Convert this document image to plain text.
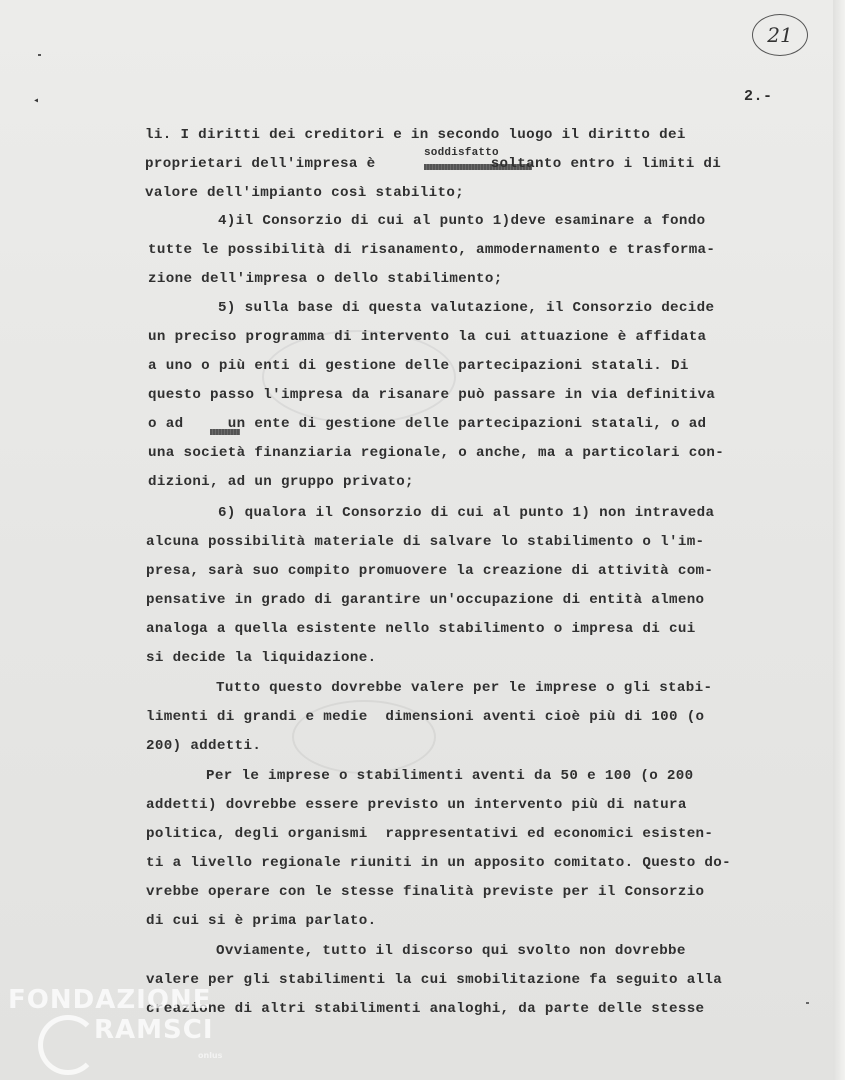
◂
21
2.-
soddisfatto
li. I diritti dei creditori e in secondo luogo il diritto dei
proprietari dell'impresa è             soltanto entro i limiti di
valore dell'impianto così stabilito;
4)il Consorzio di cui al punto 1)deve esaminare a fondo
tutte le possibilità di risanamento, ammodernamento e trasforma-
zione dell'impresa o dello stabilimento;
5) sulla base di questa valutazione, il Consorzio decide
un preciso programma di intervento la cui attuazione è affidata
a uno o più enti di gestione delle partecipazioni statali. Di
questo passo l'impresa da risanare può passare in via definitiva
o ad     un ente di gestione delle partecipazioni statali, o ad
una società finanziaria regionale, o anche, ma a particolari con-
dizioni, ad un gruppo privato;
6) qualora il Consorzio di cui al punto 1) non intraveda
alcuna possibilità materiale di salvare lo stabilimento o l'im-
presa, sarà suo compito promuovere la creazione di attività com-
pensative in grado di garantire un'occupazione di entità almeno
analoga a quella esistente nello stabilimento o impresa di cui
si decide la liquidazione.
Tutto questo dovrebbe valere per le imprese o gli stabi-
limenti di grandi e medie  dimensioni aventi cioè più di 100 (o
200) addetti.
Per le imprese o stabilimenti aventi da 50 e 100 (o 200
addetti) dovrebbe essere previsto un intervento più di natura
politica, degli organismi  rappresentativi ed economici esisten-
ti a livello regionale riuniti in un apposito comitato. Questo do-
vrebbe operare con le stesse finalità previste per il Consorzio
di cui si è prima parlato.
Ovviamente, tutto il discorso qui svolto non dovrebbe
valere per gli stabilimenti la cui smobilitazione fa seguito alla
creazione di altri stabilimenti analoghi, da parte delle stesse
FONDAZIONE
RAMSCI
onlus
